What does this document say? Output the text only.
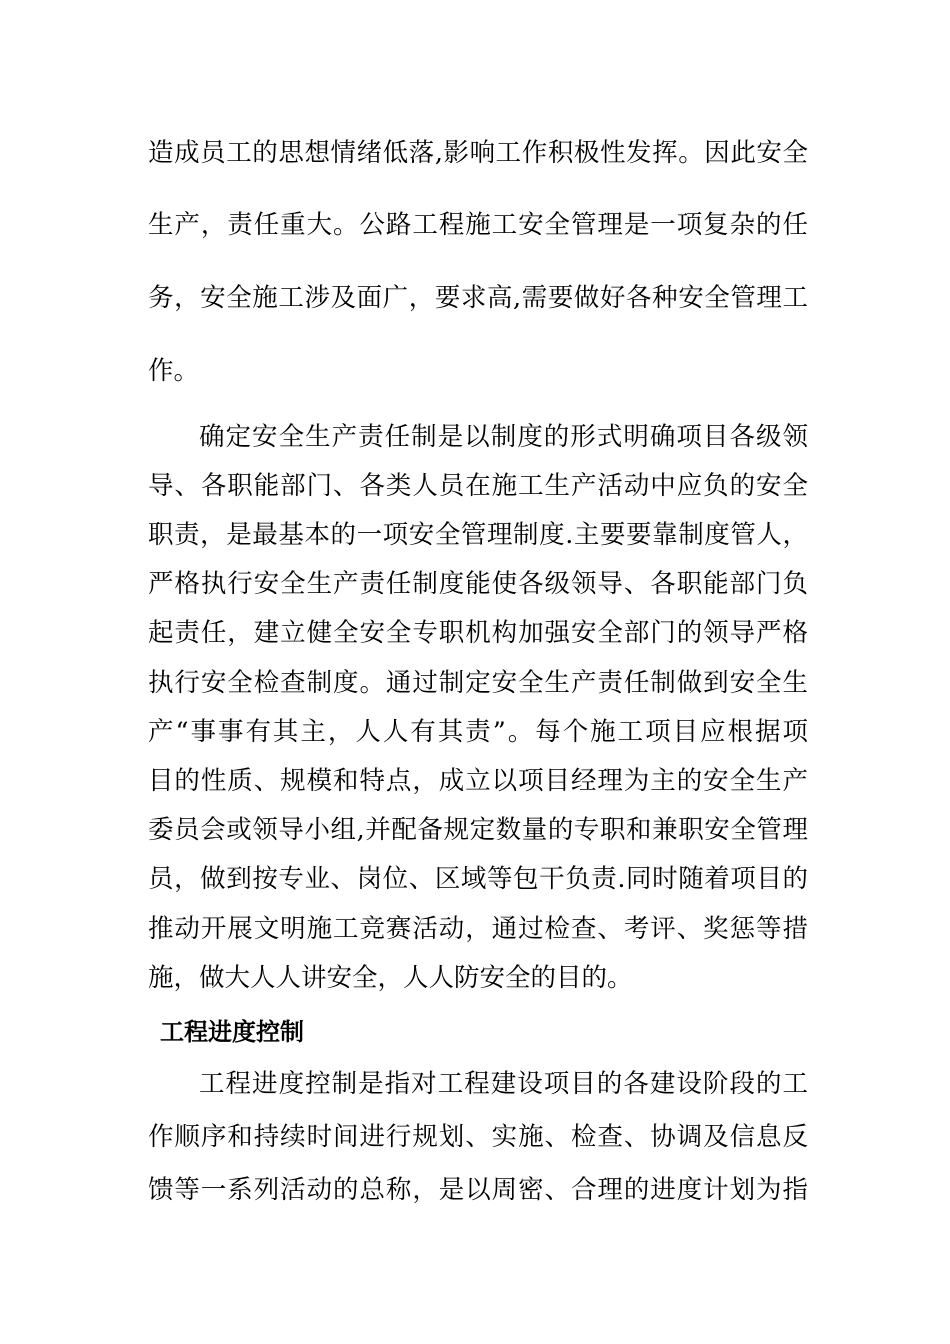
造成员工的思想情绪低落,影响工作积极性发挥。因此安全
生产，责任重大。公路工程施工安全管理是一项复杂的任
务，安全施工涉及面广，要求高,需要做好各种安全管理工
作。
确定安全生产责任制是以制度的形式明确项目各级领
导、各职能部门、各类人员在施工生产活动中应负的安全
职责，是最基本的一项安全管理制度.主要要靠制度管人，
严格执行安全生产责任制度能使各级领导、各职能部门负
起责任，建立健全安全专职机构加强安全部门的领导严格
执行安全检查制度。通过制定安全生产责任制做到安全生
产“事事有其主，人人有其责”。每个施工项目应根据项
目的性质、规模和特点，成立以项目经理为主的安全生产
委员会或领导小组,并配备规定数量的专职和兼职安全管理
员，做到按专业、岗位、区域等包干负责.同时随着项目的
推动开展文明施工竞赛活动，通过检查、考评、奖惩等措
施，做大人人讲安全，人人防安全的目的。
工程进度控制
工程进度控制是指对工程建设项目的各建设阶段的工
作顺序和持续时间进行规划、实施、检查、协调及信息反
馈等一系列活动的总称，是以周密、合理的进度计划为指
